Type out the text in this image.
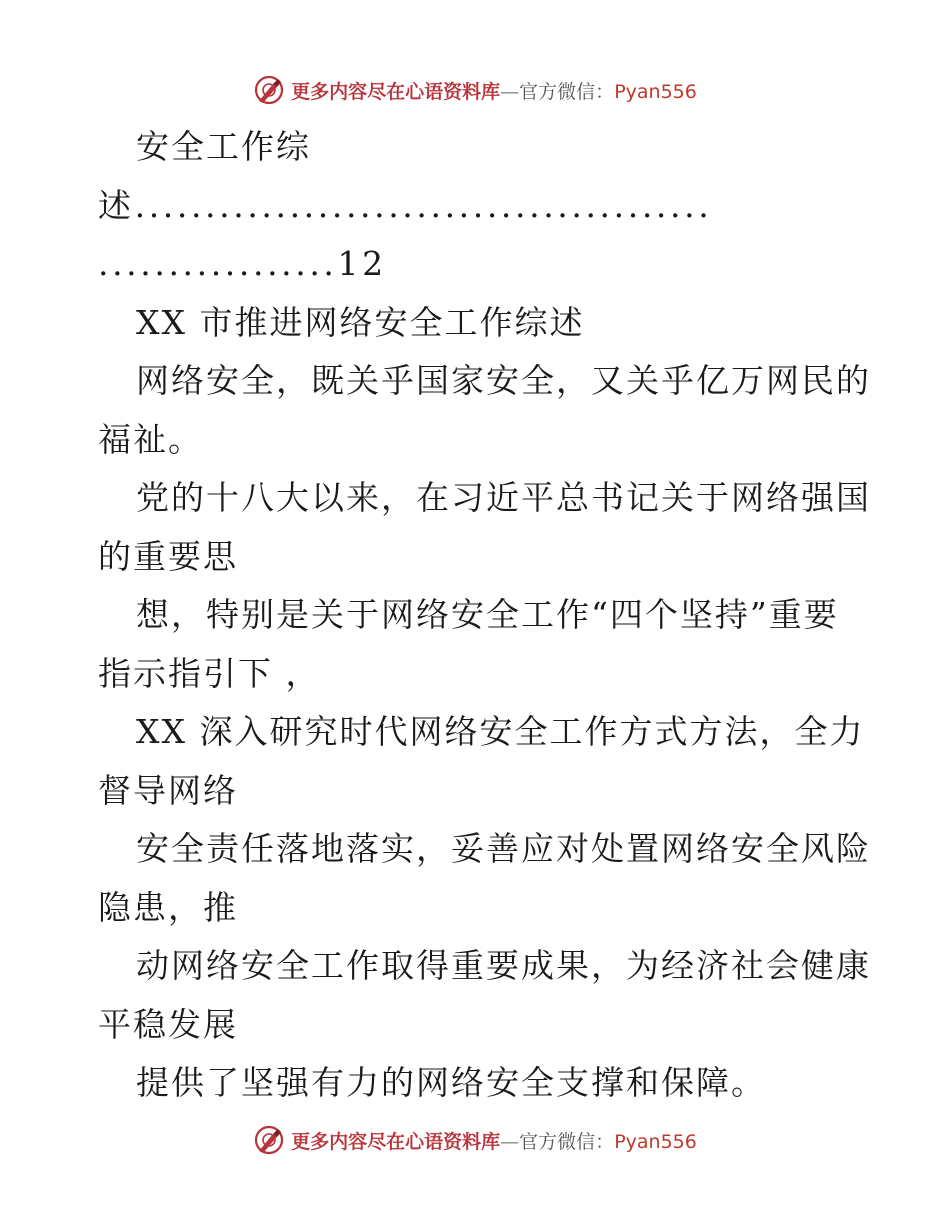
更多内容尽在心语资料库—官方微信：Pyan556
安全工作综
述.........................................
.................12
XX 市推进网络安全工作综述
网络安全，既关乎国家安全，又关乎亿万网民的
福祉。
党的十八大以来，在习近平总书记关于网络强国
的重要思
想，特别是关于网络安全工作“四个坚持”重要
指示指引下 ，
XX 深入研究时代网络安全工作方式方法，全力
督导网络
安全责任落地落实，妥善应对处置网络安全风险
隐患，推
动网络安全工作取得重要成果，为经济社会健康
平稳发展
提供了坚强有力的网络安全支撑和保障。
更多内容尽在心语资料库—官方微信：Pyan556
